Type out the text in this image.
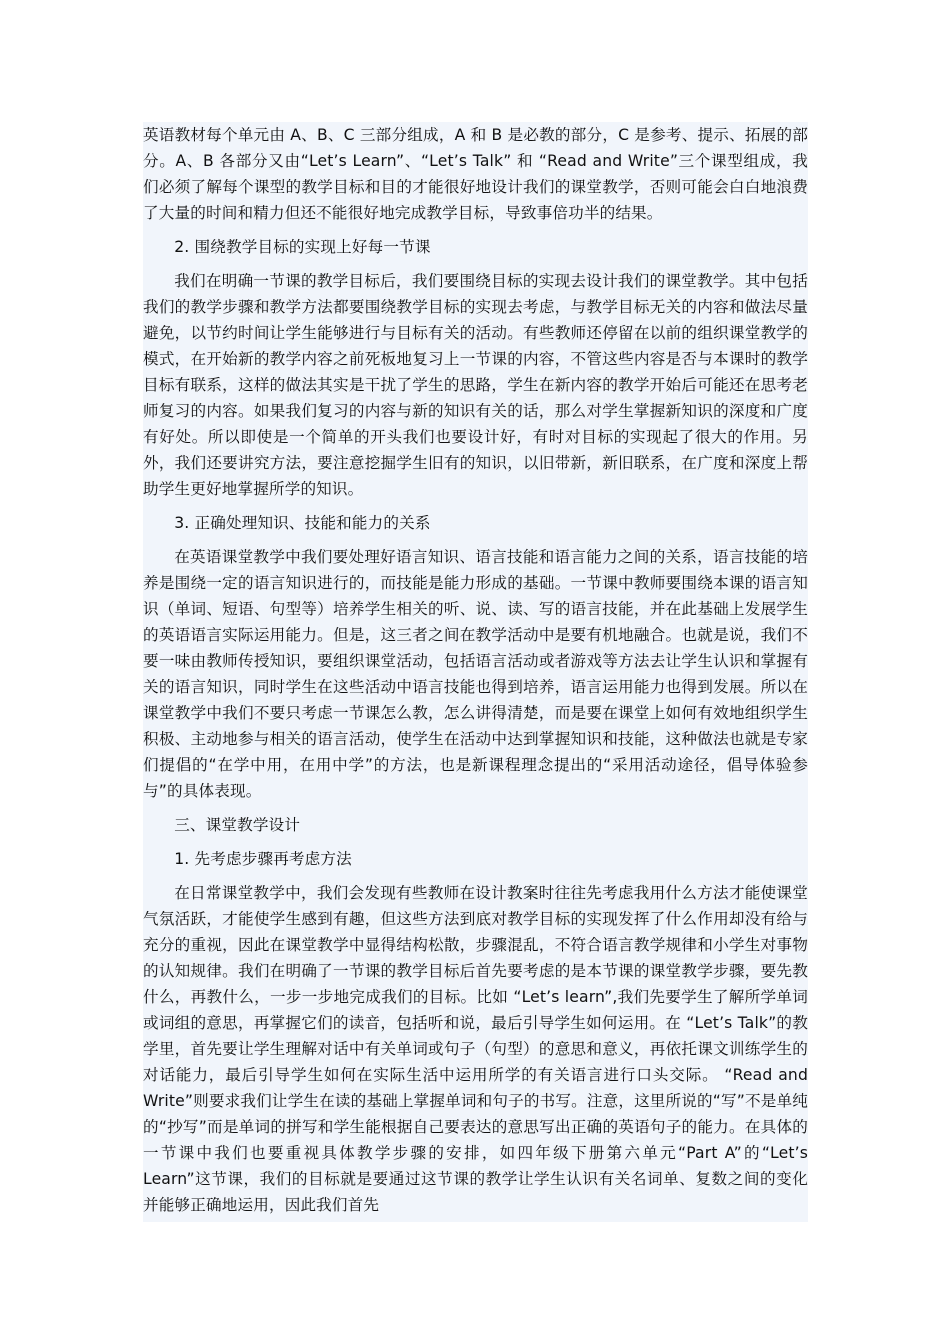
英语教材每个单元由 A、B、C 三部分组成，A 和 B 是必教的部分，C 是参考、提示、拓展的部分。A、B 各部分又由“Let’s Learn”、“Let’s Talk” 和 “Read and Write”三个课型组成，我们必须了解每个课型的教学目标和目的才能很好地设计我们的课堂教学，否则可能会白白地浪费了大量的时间和精力但还不能很好地完成教学目标，导致事倍功半的结果。

2. 围绕教学目标的实现上好每一节课

我们在明确一节课的教学目标后，我们要围绕目标的实现去设计我们的课堂教学。其中包括我们的教学步骤和教学方法都要围绕教学目标的实现去考虑，与教学目标无关的内容和做法尽量避免，以节约时间让学生能够进行与目标有关的活动。有些教师还停留在以前的组织课堂教学的模式，在开始新的教学内容之前死板地复习上一节课的内容，不管这些内容是否与本课时的教学目标有联系，这样的做法其实是干扰了学生的思路，学生在新内容的教学开始后可能还在思考老师复习的内容。如果我们复习的内容与新的知识有关的话，那么对学生掌握新知识的深度和广度有好处。所以即使是一个简单的开头我们也要设计好，有时对目标的实现起了很大的作用。另外，我们还要讲究方法，要注意挖掘学生旧有的知识，以旧带新，新旧联系，在广度和深度上帮助学生更好地掌握所学的知识。

3. 正确处理知识、技能和能力的关系

在英语课堂教学中我们要处理好语言知识、语言技能和语言能力之间的关系，语言技能的培养是围绕一定的语言知识进行的，而技能是能力形成的基础。一节课中教师要围绕本课的语言知识（单词、短语、句型等）培养学生相关的听、说、读、写的语言技能，并在此基础上发展学生的英语语言实际运用能力。但是，这三者之间在教学活动中是要有机地融合。也就是说，我们不要一味由教师传授知识，要组织课堂活动，包括语言活动或者游戏等方法去让学生认识和掌握有关的语言知识，同时学生在这些活动中语言技能也得到培养，语言运用能力也得到发展。所以在课堂教学中我们不要只考虑一节课怎么教，怎么讲得清楚，而是要在课堂上如何有效地组织学生积极、主动地参与相关的语言活动，使学生在活动中达到掌握知识和技能，这种做法也就是专家们提倡的“在学中用，在用中学”的方法，也是新课程理念提出的“采用活动途径，倡导体验参与”的具体表现。

三、课堂教学设计

1. 先考虑步骤再考虑方法

在日常课堂教学中，我们会发现有些教师在设计教案时往往先考虑我用什么方法才能使课堂气氛活跃，才能使学生感到有趣，但这些方法到底对教学目标的实现发挥了什么作用却没有给与充分的重视，因此在课堂教学中显得结构松散，步骤混乱，不符合语言教学规律和小学生对事物的认知规律。我们在明确了一节课的教学目标后首先要考虑的是本节课的课堂教学步骤，要先教什么，再教什么，一步一步地完成我们的目标。比如 “Let’s learn”,我们先要学生了解所学单词或词组的意思，再掌握它们的读音，包括听和说，最后引导学生如何运用。在 “Let’s Talk”的教学里，首先要让学生理解对话中有关单词或句子（句型）的意思和意义，再依托课文训练学生的对话能力，最后引导学生如何在实际生活中运用所学的有关语言进行口头交际。 “Read and Write”则要求我们让学生在读的基础上掌握单词和句子的书写。注意，这里所说的“写”不是单纯的“抄写”而是单词的拼写和学生能根据自己要表达的意思写出正确的英语句子的能力。在具体的一节课中我们也要重视具体教学步骤的安排，如四年级下册第六单元“Part A”的“Let’s Learn”这节课，我们的目标就是要通过这节课的教学让学生认识有关名词单、复数之间的变化并能够正确地运用，因此我们首先
